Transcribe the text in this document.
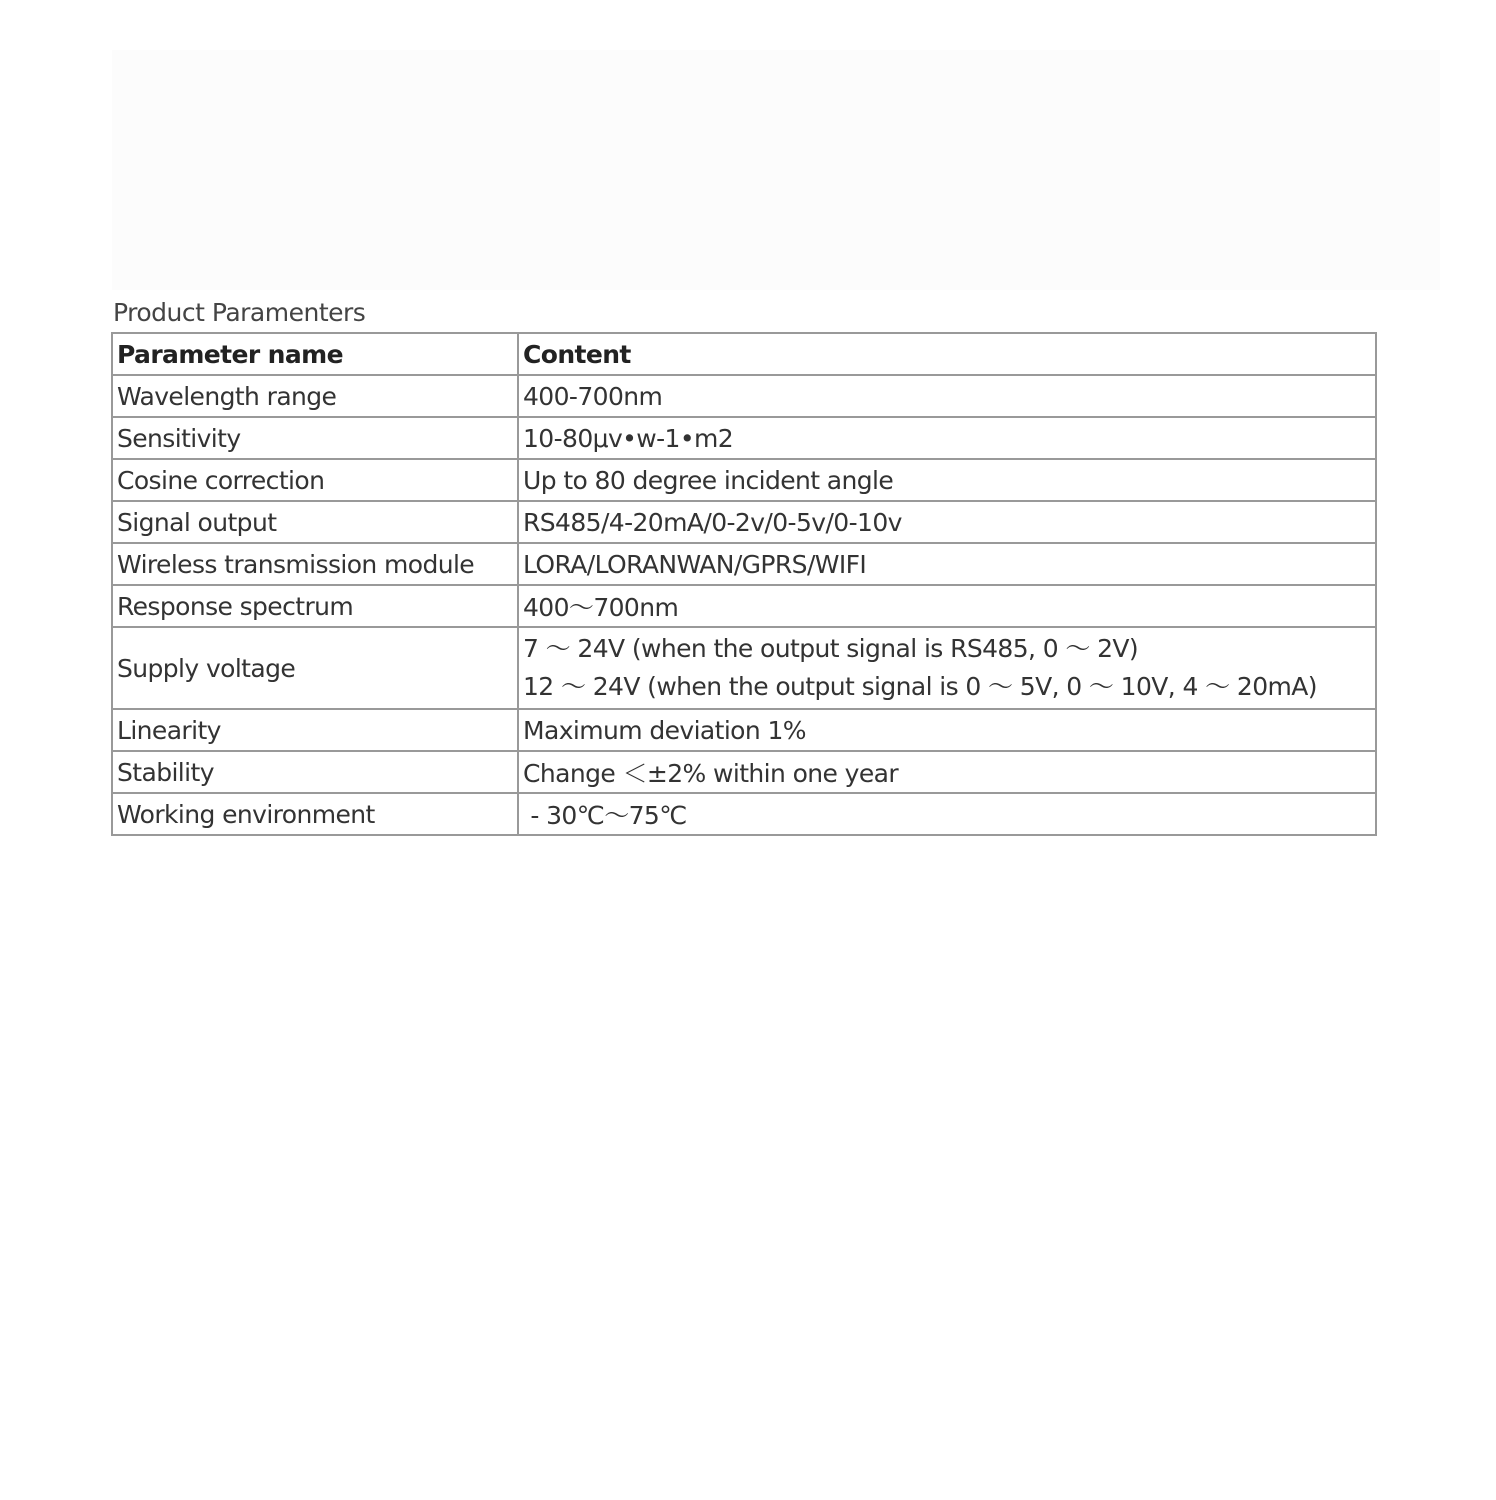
Product Paramenters
Parameter name	Content
Wavelength range	400-700nm

Sensitivity	10-80μv•w-1•m2

Cosine correction	Up to 80 degree incident angle

Signal output	RS485/4-20mA/0-2v/0-5v/0-10v

Wireless transmission module	LORA/LORANWAN/GPRS/WIFI

Response spectrum	400～700nm

Supply voltage	7 ～ 24V (when the output signal is RS485, 0 ～ 2V)
12 ～ 24V (when the output signal is 0 ～ 5V, 0 ～ 10V, 4 ～ 20mA)

Linearity	Maximum deviation 1%

Stability	Change ＜±2% within one year

Working environment	- 30℃～75℃
